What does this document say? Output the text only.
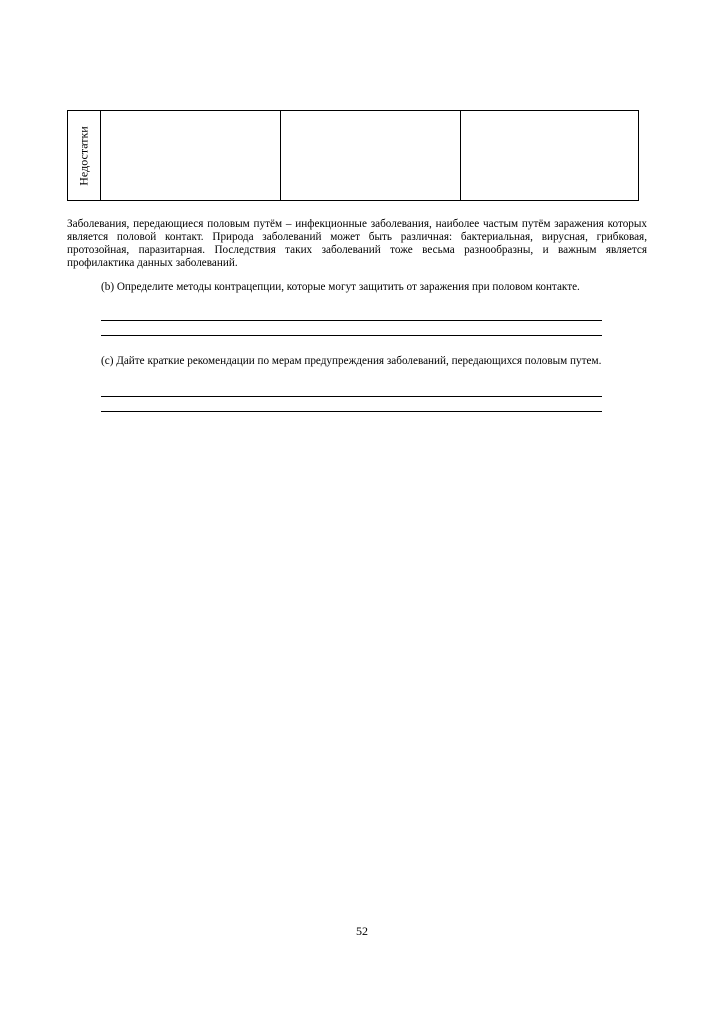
Недостатки

Заболевания, передающиеся половым путём – инфекционные заболевания, наиболее частым путём заражения которых является половой контакт. Природа заболеваний может быть различная: бактериальная, вирусная, грибковая, протозойная, паразитарная. Последствия таких заболеваний тоже весьма разнообразны, и важным является профилактика данных заболеваний.

(b) Определите методы контрацепции, которые могут защитить от заражения при половом контакте.

(с) Дайте краткие рекомендации по мерам предупреждения заболеваний, передающихся половым путем.

52
